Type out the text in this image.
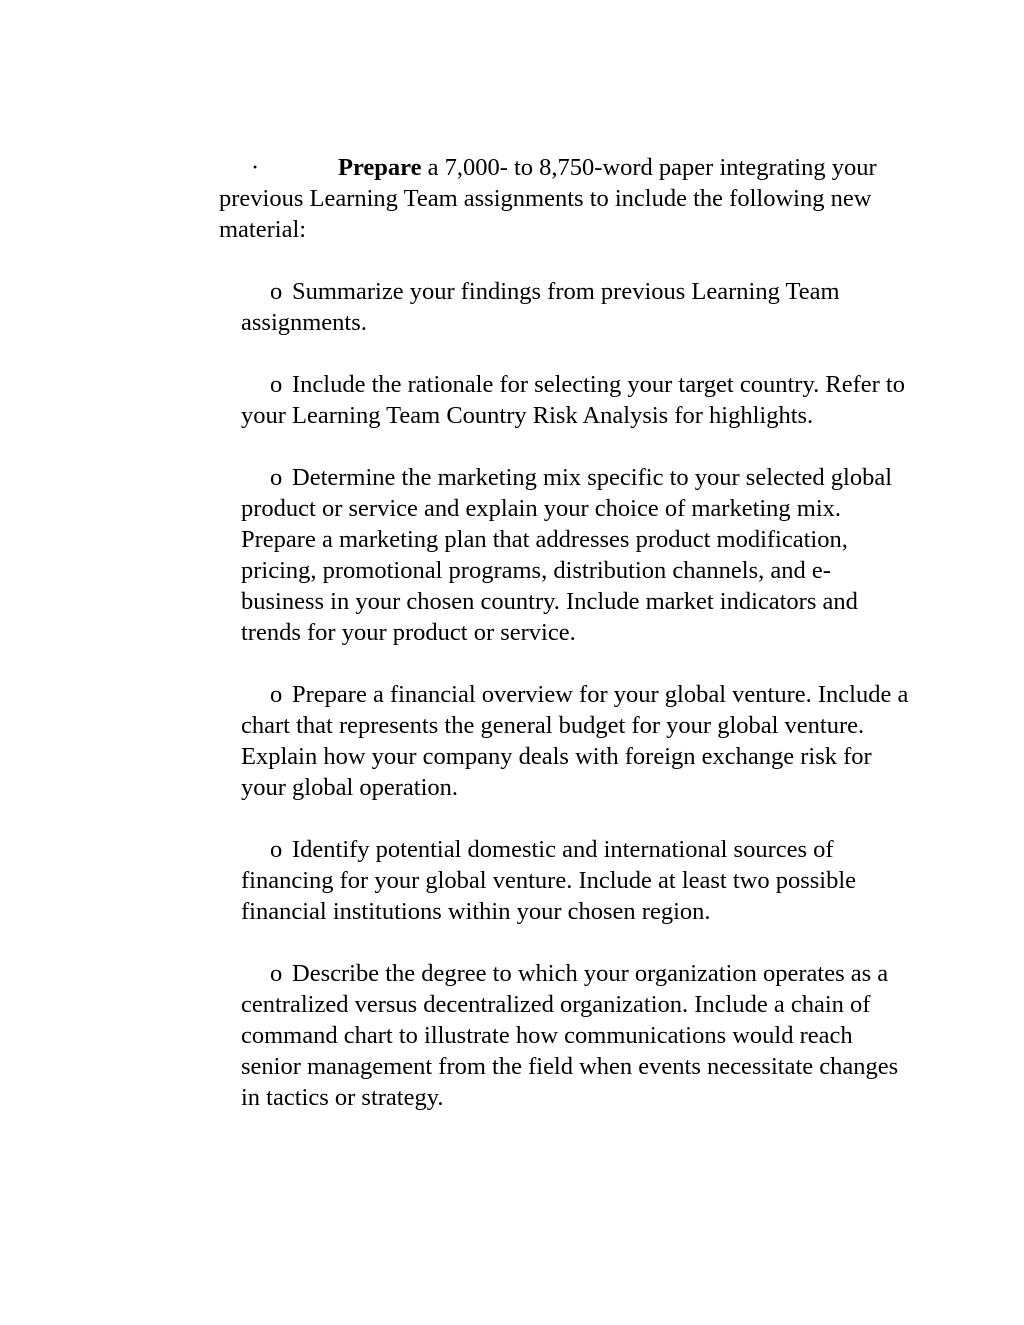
·	Prepare a 7,000- to 8,750-word paper integrating your previous Learning Team assignments to include the following new material:
o Summarize your findings from previous Learning Team assignments.
o Include the rationale for selecting your target country. Refer to your Learning Team Country Risk Analysis for highlights.
o Determine the marketing mix specific to your selected global product or service and explain your choice of marketing mix. Prepare a marketing plan that addresses product modification, pricing, promotional programs, distribution channels, and e-business in your chosen country. Include market indicators and trends for your product or service.
o Prepare a financial overview for your global venture. Include a chart that represents the general budget for your global venture. Explain how your company deals with foreign exchange risk for your global operation.
o Identify potential domestic and international sources of financing for your global venture. Include at least two possible financial institutions within your chosen region.
o Describe the degree to which your organization operates as a centralized versus decentralized organization. Include a chain of command chart to illustrate how communications would reach senior management from the field when events necessitate changes in tactics or strategy.
